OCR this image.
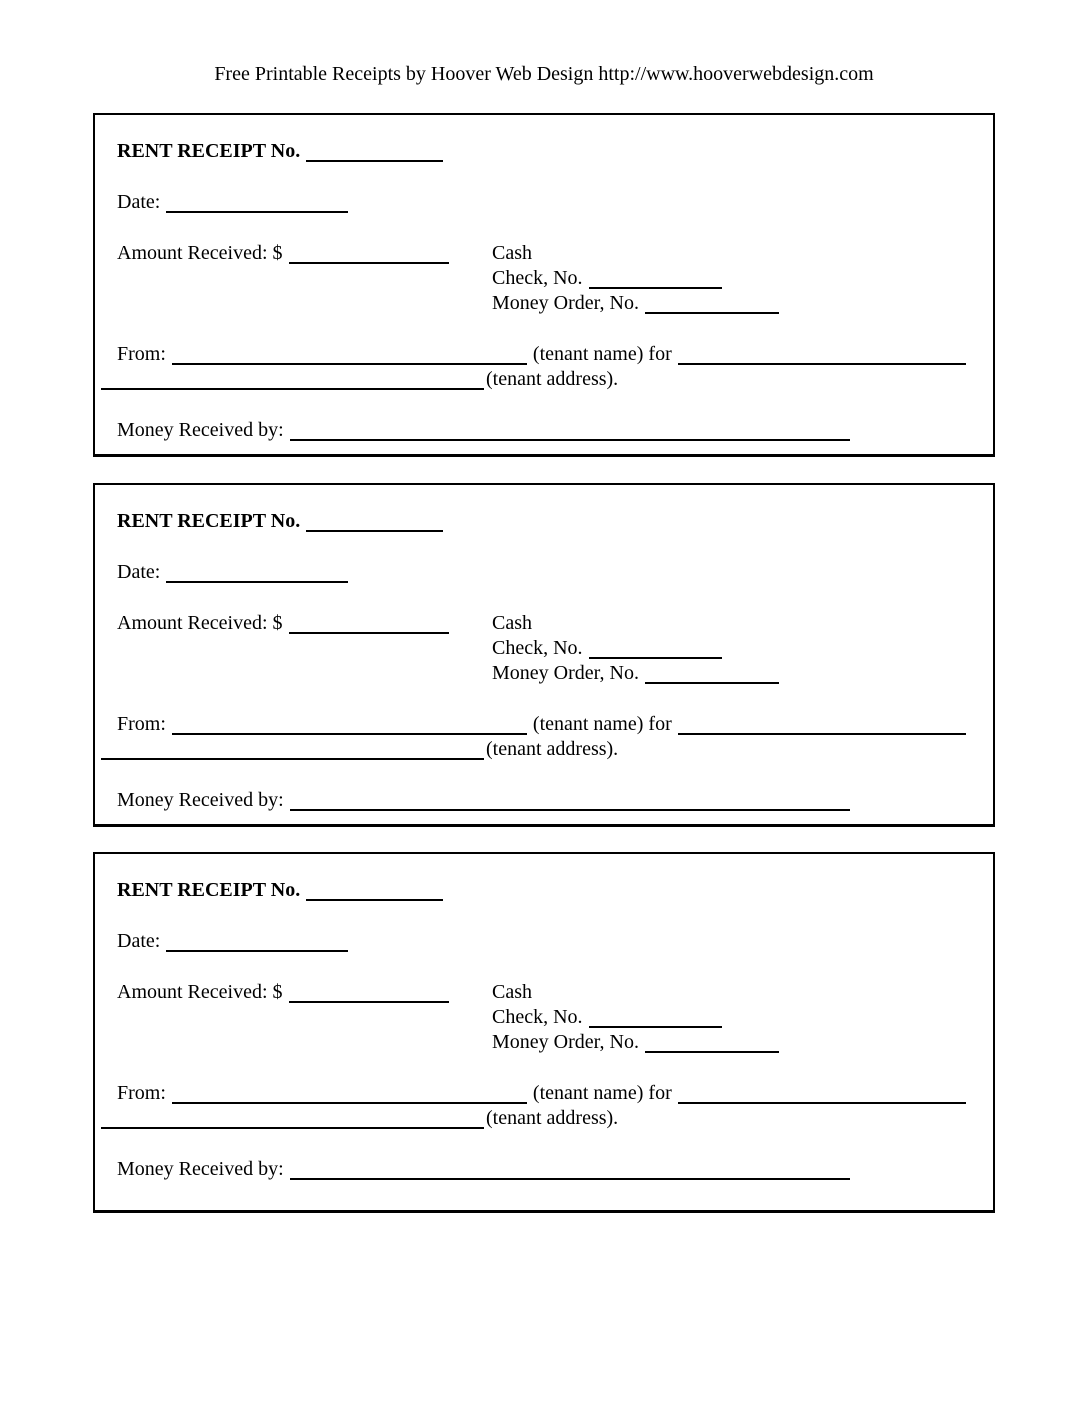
Free Printable Receipts by Hoover Web Design http://www.hooverwebdesign.com

RENT RECEIPT No.

Date:

Amount Received: $	Cash
Check, No.
Money Order, No.
From:	(tenant name) for
(tenant address).

Money Received by:

RENT RECEIPT No.

Date:

Amount Received: $	Cash
Check, No.
Money Order, No.
From:	(tenant name) for
(tenant address).

Money Received by:

RENT RECEIPT No.

Date:

Amount Received: $	Cash
Check, No.
Money Order, No.
From:	(tenant name) for
(tenant address).

Money Received by:
